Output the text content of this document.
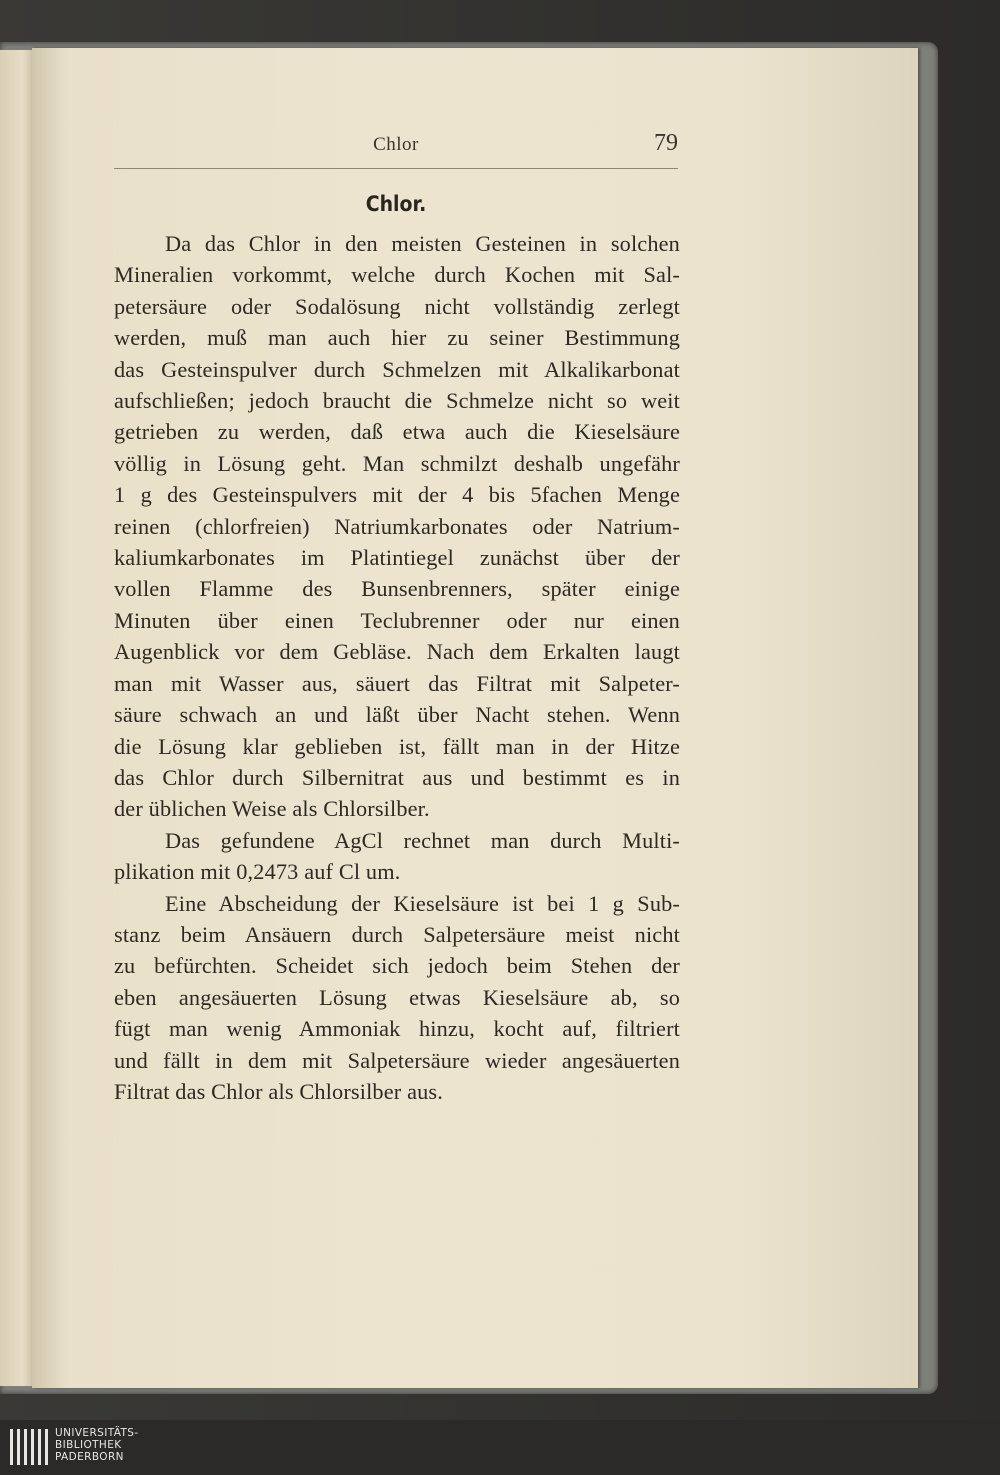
Chlor	79
Chlor.
Da das Chlor in den meisten Gesteinen in solchen
Mineralien vorkommt, welche durch Kochen mit Sal-
petersäure oder Sodalösung nicht vollständig zerlegt
werden, muß man auch hier zu seiner Bestimmung
das Gesteinspulver durch Schmelzen mit Alkalikarbonat
aufschließen; jedoch braucht die Schmelze nicht so weit
getrieben zu werden, daß etwa auch die Kieselsäure
völlig in Lösung geht. Man schmilzt deshalb ungefähr
1 g des Gesteinspulvers mit der 4 bis 5fachen Menge
reinen (chlorfreien) Natriumkarbonates oder Natrium-
kaliumkarbonates im Platintiegel zunächst über der
vollen Flamme des Bunsenbrenners, später einige
Minuten über einen Teclubrenner oder nur einen
Augenblick vor dem Gebläse. Nach dem Erkalten laugt
man mit Wasser aus, säuert das Filtrat mit Salpeter-
säure schwach an und läßt über Nacht stehen. Wenn
die Lösung klar geblieben ist, fällt man in der Hitze
das Chlor durch Silbernitrat aus und bestimmt es in
der üblichen Weise als Chlorsilber.
Das gefundene AgCl rechnet man durch Multi-
plikation mit 0,2473 auf Cl um.
Eine Abscheidung der Kieselsäure ist bei 1 g Sub-
stanz beim Ansäuern durch Salpetersäure meist nicht
zu befürchten. Scheidet sich jedoch beim Stehen der
eben angesäuerten Lösung etwas Kieselsäure ab, so
fügt man wenig Ammoniak hinzu, kocht auf, filtriert
und fällt in dem mit Salpetersäure wieder angesäuerten
Filtrat das Chlor als Chlorsilber aus.
UNIVERSITÄTS-
BIBLIOTHEK
PADERBORN
